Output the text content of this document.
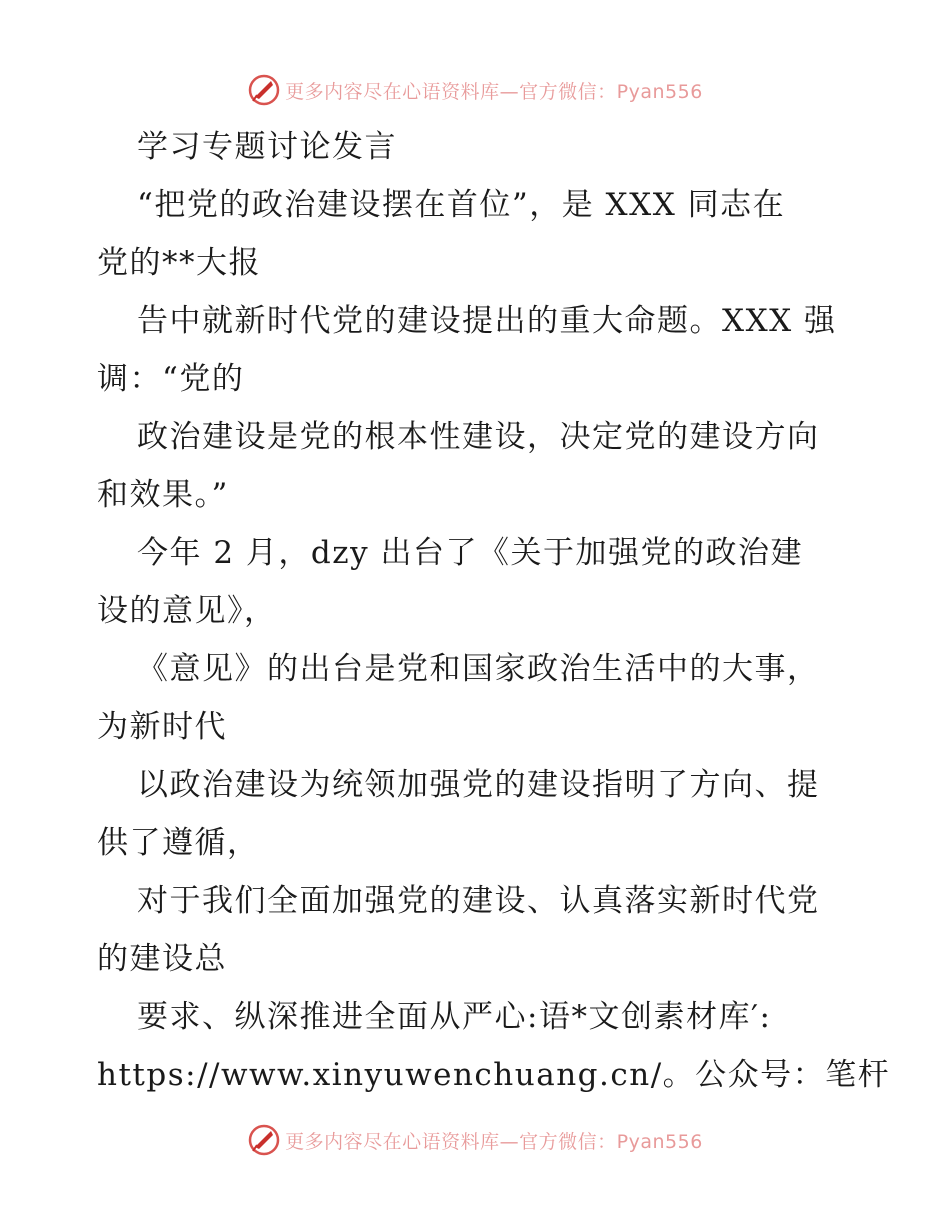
更多内容尽在心语资料库—官方微信：Pyan556
学习专题讨论发言
“把党的政治建设摆在首位”，是 XXX 同志在
党的**大报
告中就新时代党的建设提出的重大命题。XXX 强
调：“党的
政治建设是党的根本性建设，决定党的建设方向
和效果。”
今年 2 月，dzy 出台了《关于加强党的政治建
设的意见》，
《意见》的出台是党和国家政治生活中的大事，
为新时代
以政治建设为统领加强党的建设指明了方向、提
供了遵循，
对于我们全面加强党的建设、认真落实新时代党
的建设总
要求、纵深推进全面从严心:语*文创素材库′:
https://www.xinyuwenchuang.cn/。公众号：笔杆
更多内容尽在心语资料库—官方微信：Pyan556
